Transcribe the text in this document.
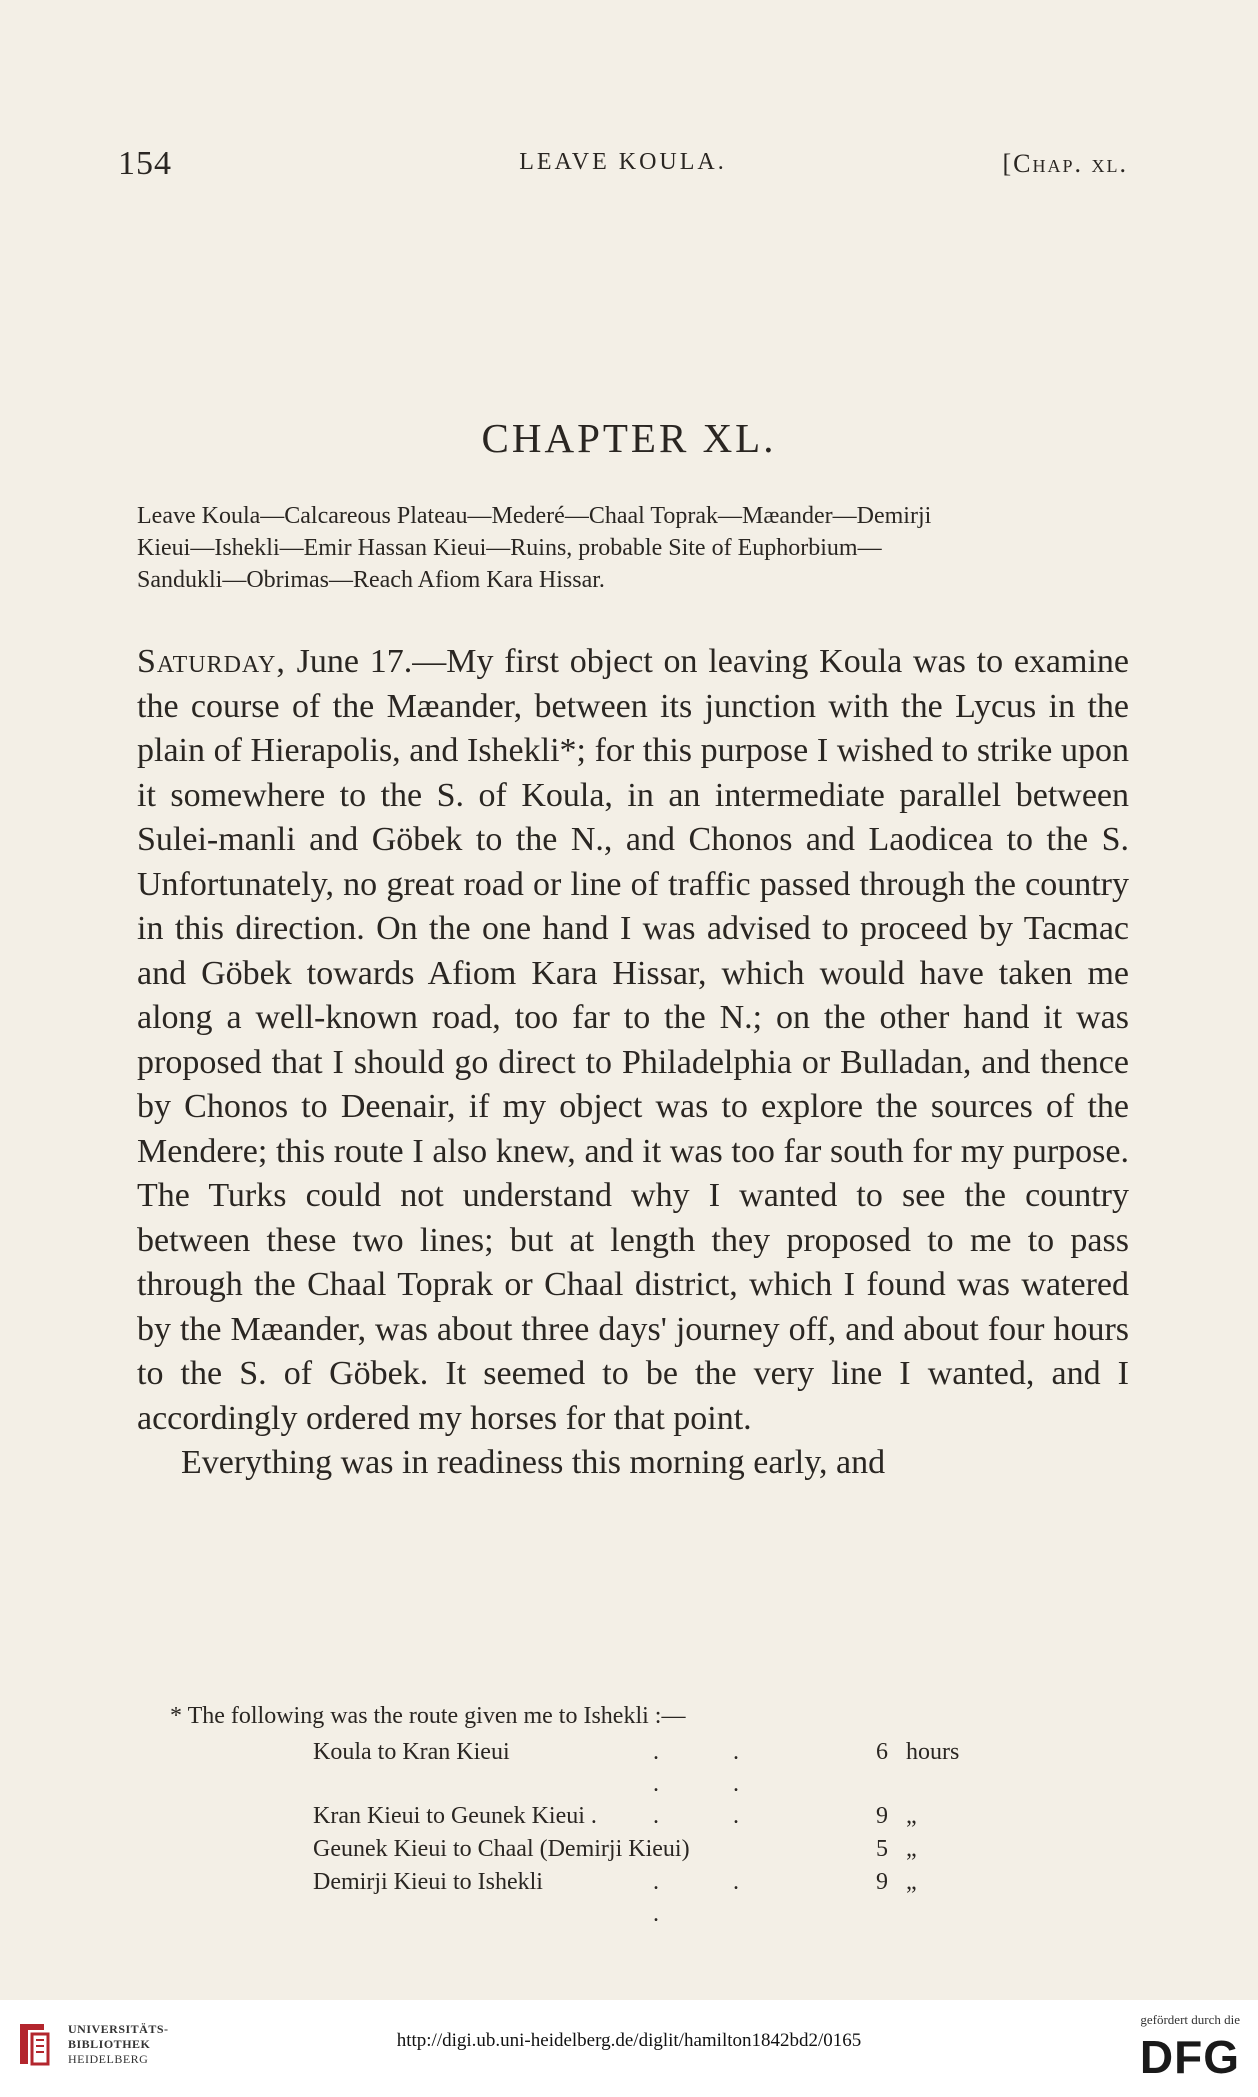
154	LEAVE KOULA.	[Chap. xl.
CHAPTER XL.
Leave Koula—Calcareous Plateau—Mederé—Chaal Toprak—Mæander—Demirji
Kieui—Ishekli—Emir Hassan Kieui—Ruins, probable Site of Euphorbium—
Sandukli—Obrimas—Reach Afiom Kara Hissar.

Saturday, June 17.—My first object on leaving Koula was to examine the course of the Mæander, between its junction with the Lycus in the plain of Hierapolis, and Ishekli*; for this purpose I wished to strike upon it somewhere to the S. of Koula, in an intermediate parallel between Sulei-manli and Göbek to the N., and Chonos and Laodicea to the S. Unfortunately, no great road or line of traffic passed through the country in this direction. On the one hand I was advised to proceed by Tacmac and Göbek towards Afiom Kara Hissar, which would have taken me along a well-known road, too far to the N.; on the other hand it was proposed that I should go direct to Philadelphia or Bulladan, and thence by Chonos to Deenair, if my object was to explore the sources of the Mendere; this route I also knew, and it was too far south for my purpose. The Turks could not understand why I wanted to see the country between these two lines; but at length they proposed to me to pass through the Chaal Toprak or Chaal district, which I found was watered by the Mæander, was about three days' journey off, and about four hours to the S. of Göbek. It seemed to be the very line I wanted, and I accordingly ordered my horses for that point.

Everything was in readiness this morning early, and

* The following was the route given me to Ishekli :—

Koula to Kran Kieui	. . . .	6	hours
Kran Kieui to Geunek Kieui .	. .	9	„
Geunek Kieui to Chaal (Demirji Kieui)		5	„
Demirji Kieui to Ishekli	. . .	9	„
UNIVERSITÄTS-
BIBLIOTHEK
HEIDELBERG
http://digi.ub.uni-heidelberg.de/diglit/hamilton1842bd2/0165
gefördert durch die
DFG
